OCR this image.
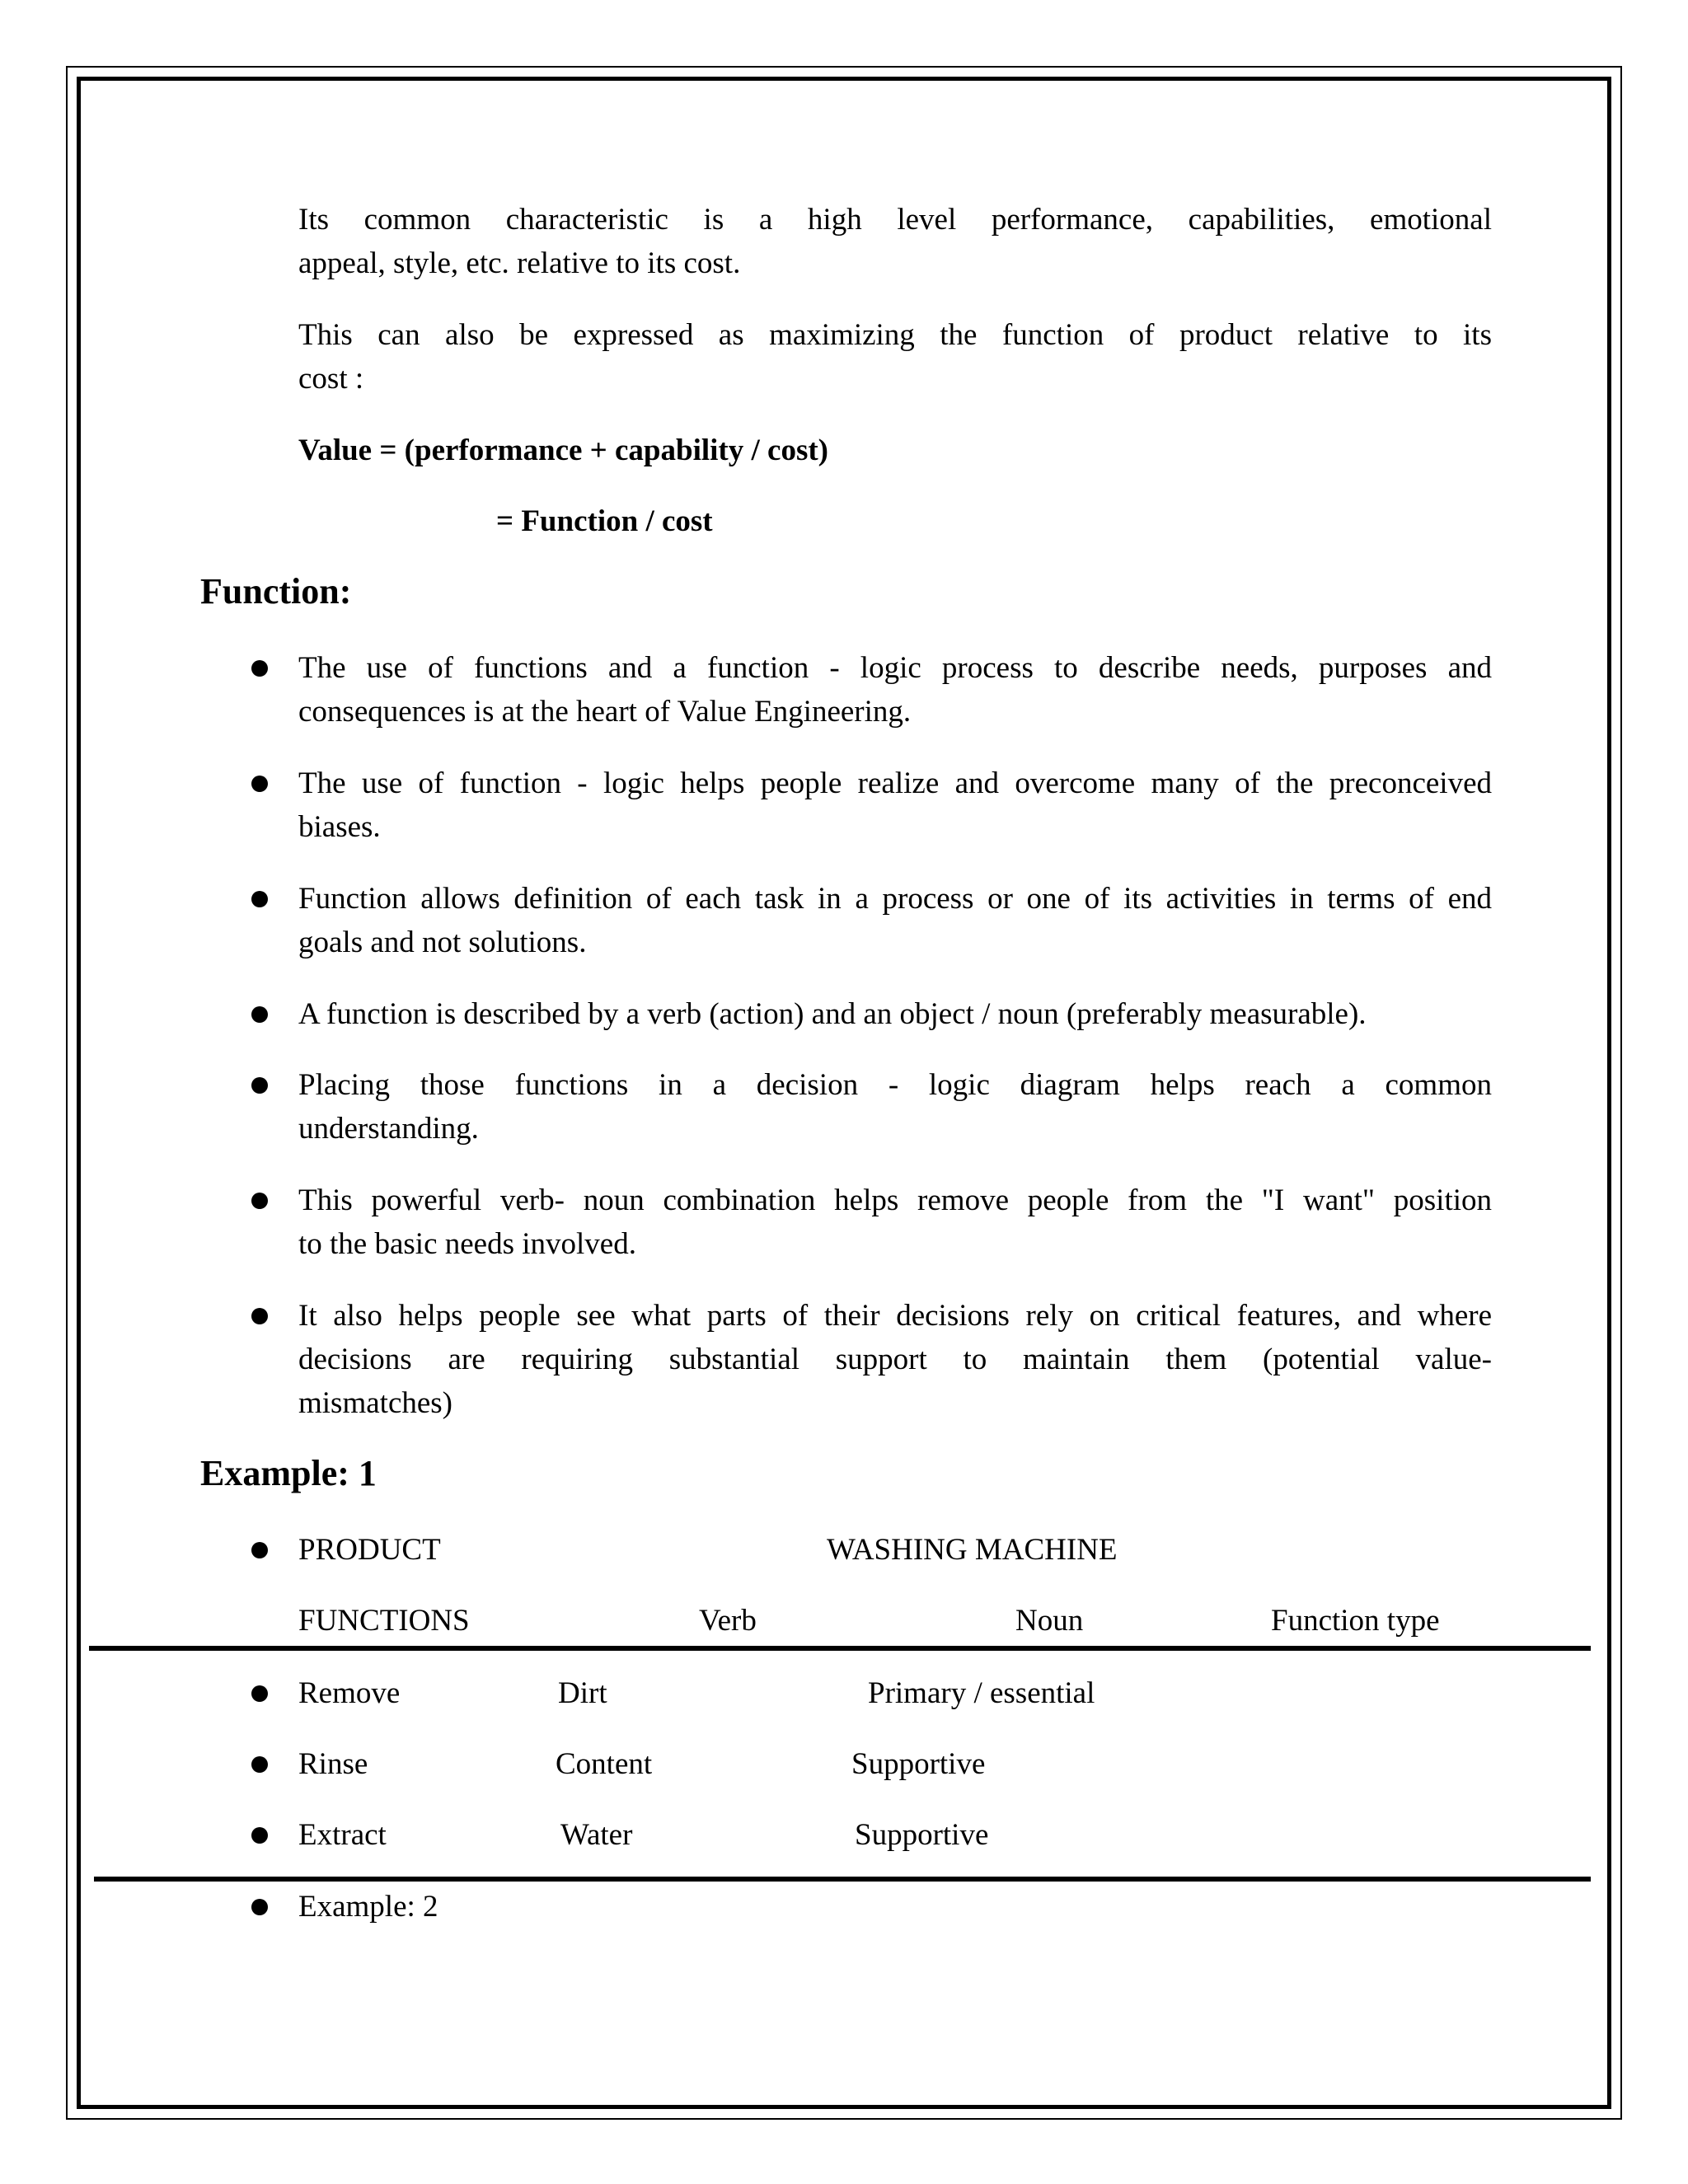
Its common characteristic is a high level performance, capabilities, emotional
appeal, style, etc. relative to its cost.
This can also be expressed as maximizing the function of product relative to its
cost :
Value = (performance + capability / cost)
= Function / cost
Function:
The use of functions and a function - logic process to describe needs, purposes and
consequences is at the heart of Value Engineering.
The use of function - logic helps people realize and overcome many of the preconceived
biases.
Function allows definition of each task in a process or one of its activities in terms of end
goals and not solutions.
A function is described by a verb (action) and an object / noun (preferably measurable).
Placing those functions in a decision - logic diagram helps reach a common
understanding.
This powerful verb- noun combination helps remove people from the "I want" position
to the basic needs involved.
It also helps people see what parts of their decisions rely on critical features, and where
decisions are requiring substantial support to maintain them (potential value-
mismatches)
Example: 1
PRODUCT	WASHING MACHINE
FUNCTIONS	Verb	Noun	Function type
Remove	Dirt	Primary / essential
Rinse	Content	Supportive
Extract	Water	Supportive
Example: 2
